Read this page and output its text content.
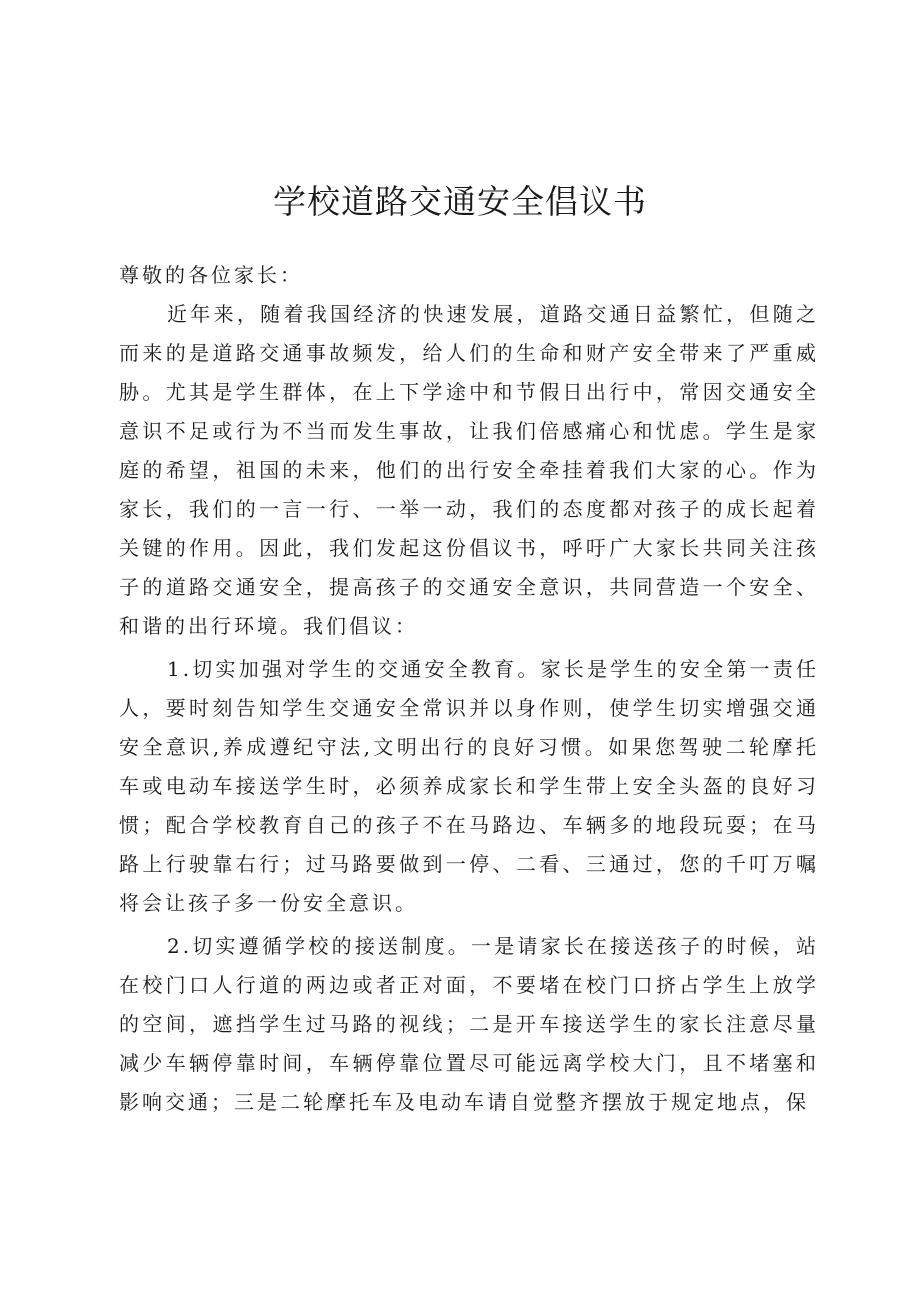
学校道路交通安全倡议书

尊敬的各位家长：

近年来，随着我国经济的快速发展，道路交通日益繁忙，但随之而来的是道路交通事故频发，给人们的生命和财产安全带来了严重威胁。尤其是学生群体，在上下学途中和节假日出行中，常因交通安全意识不足或行为不当而发生事故，让我们倍感痛心和忧虑。学生是家庭的希望，祖国的未来，他们的出行安全牵挂着我们大家的心。作为家长，我们的一言一行、一举一动，我们的态度都对孩子的成长起着关键的作用。因此，我们发起这份倡议书，呼吁广大家长共同关注孩子的道路交通安全，提高孩子的交通安全意识，共同营造一个安全、和谐的出行环境。我们倡议：

1.切实加强对学生的交通安全教育。家长是学生的安全第一责任人，要时刻告知学生交通安全常识并以身作则，使学生切实增强交通安全意识,养成遵纪守法,文明出行的良好习惯。如果您驾驶二轮摩托车或电动车接送学生时，必须养成家长和学生带上安全头盔的良好习惯；配合学校教育自己的孩子不在马路边、车辆多的地段玩耍；在马路上行驶靠右行；过马路要做到一停、二看、三通过，您的千叮万嘱将会让孩子多一份安全意识。

2.切实遵循学校的接送制度。一是请家长在接送孩子的时候，站在校门口人行道的两边或者正对面，不要堵在校门口挤占学生上放学的空间，遮挡学生过马路的视线；二是开车接送学生的家长注意尽量减少车辆停靠时间，车辆停靠位置尽可能远离学校大门，且不堵塞和影响交通；三是二轮摩托车及电动车请自觉整齐摆放于规定地点，保
